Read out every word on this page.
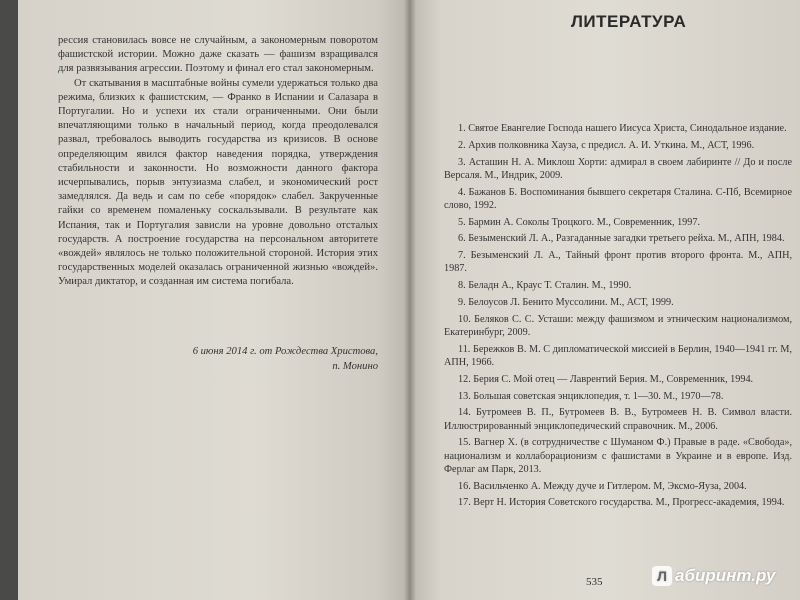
рессия становилась вовсе не случайным, а закономерным поворотом фашистской истории. Можно даже сказать — фашизм взращивался для развязывания агрессии. Поэтому и финал его стал закономерным.

От скатывания в масштабные войны сумели удержаться только два режима, близких к фашистским, — Франко в Испании и Салазара в Португалии. Но и успехи их стали ограниченными. Они были впечатляющими только в начальный период, когда преодолевался развал, требовалось выводить государства из кризисов. В основе определяющим явился фактор наведения порядка, утверждения стабильности и законности. Но возможности данного фактора исчерпывались, порыв энтузиазма слабел, и экономический рост замедлялся. Да ведь и сам по себе «порядок» слабел. Закрученные гайки со временем помаленьку соскальзывали. В результате как Испания, так и Португалия зависли на уровне довольно отсталых государств. А построение государства на персональном авторитете «вождей» являлось не только положительной стороной. История этих государственных моделей оказалась ограниченной жизнью «вождей». Умирал диктатор, и созданная им система погибала.

6 июня 2014 г. от Рождества Христова,
п. Монино
ЛИТЕРАТУРА

1. Святое Евангелие Господа нашего Иисуса Христа, Синодальное издание.

2. Архив полковника Хауза, с предисл. А. И. Уткина. М., АСТ, 1996.

3. Асташин Н. А. Миклош Хорти: адмирал в своем лабиринте // До и после Версаля. М., Индрик, 2009.

4. Бажанов Б. Воспоминания бывшего секретаря Сталина. С-Пб, Всемирное слово, 1992.

5. Бармин А. Соколы Троцкого. М., Современник, 1997.

6. Безыменский Л. А., Разгаданные загадки третьего рейха. М., АПН, 1984.

7. Безыменский Л. А., Тайный фронт против второго фронта. М., АПН, 1987.

8. Беладн А., Краус Т. Сталин. М., 1990.

9. Белоусов Л. Бенито Муссолини. М., АСТ, 1999.

10. Беляков С. С. Усташи: между фашизмом и этническим национализмом, Екатеринбург, 2009.

11. Бережков В. М. С дипломатической миссией в Берлин, 1940—1941 гг. М, АПН, 1966.

12. Берия С. Мой отец — Лаврентий Берия. М., Современник, 1994.

13. Большая советская энциклопедия, т. 1—30. М., 1970—78.

14. Бутромеев В. П., Бутромеев В. В., Бутромеев Н. В. Символ власти. Иллюстрированный энциклопедический справочник. М., 2006.

15. Вагнер Х. (в сотрудничестве с Шуманом Ф.) Правые в раде. «Свобода», национализм и коллаборационизм с фашистами в Украине и в европе. Изд. Ферлаг ам Парк, 2013.

16. Васильченко А. Между дуче и Гитлером. М, Эксмо-Яуза, 2004.

17. Верт Н. История Советского государства. М., Прогресс-академия, 1994.

535	Л абиринт.ру
